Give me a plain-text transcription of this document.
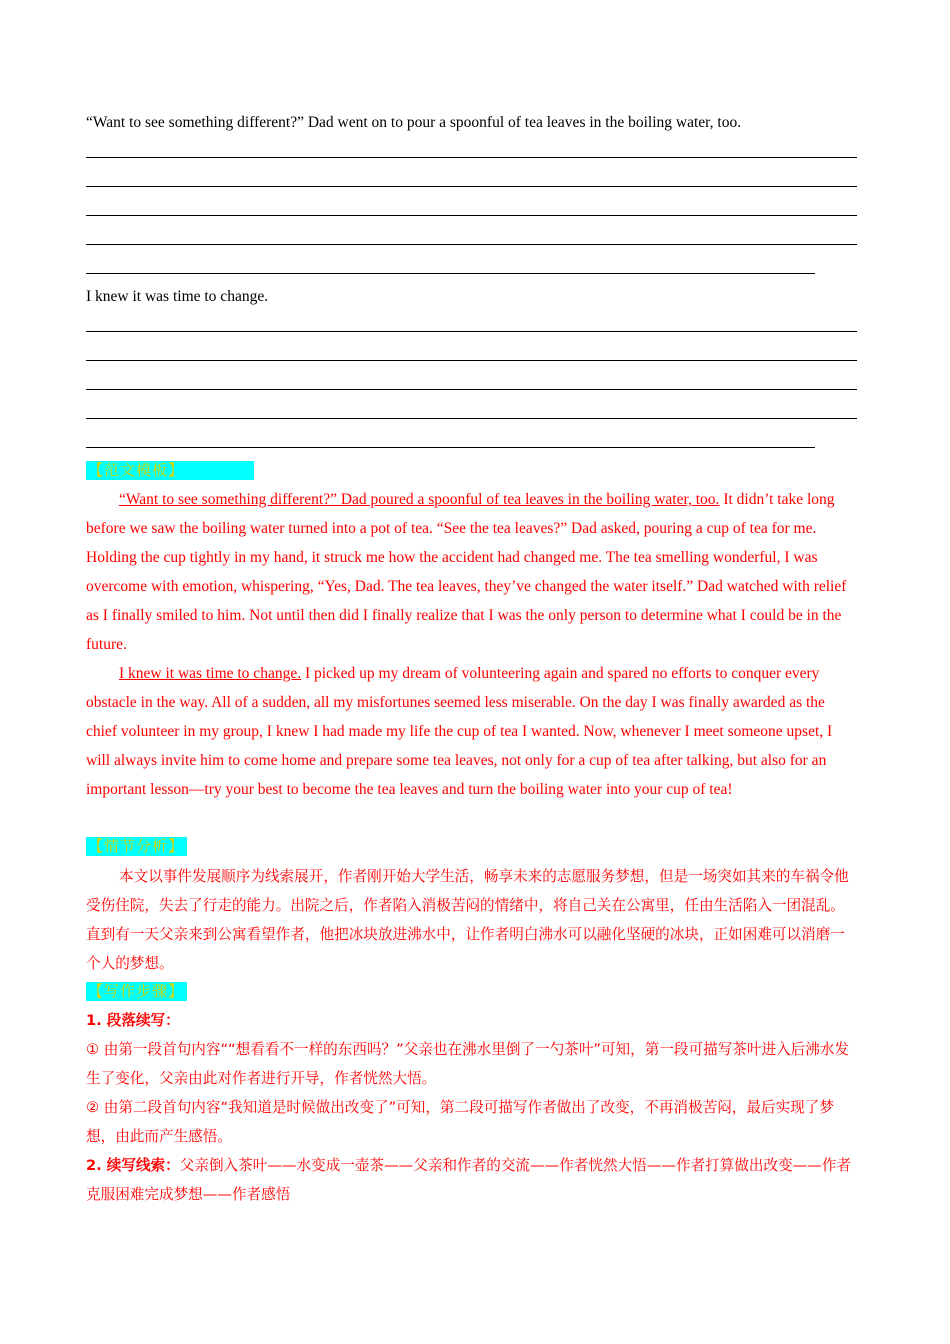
“Want to see something different?” Dad went on to pour a spoonful of tea leaves in the boiling water, too.
I knew it was time to change.
【范文模板】

“Want to see something different?” Dad poured a spoonful of tea leaves in the boiling water, too. It didn’t take long before we saw the boiling water turned into a pot of tea. “See the tea leaves?” Dad asked, pouring a cup of tea for me. Holding the cup tightly in my hand, it struck me how the accident had changed me. The tea smelling wonderful, I was overcome with emotion, whispering, “Yes, Dad. The tea leaves, they’ve changed the water itself.” Dad watched with relief as I finally smiled to him. Not until then did I finally realize that I was the only person to determine what I could be in the future.

I knew it was time to change. I picked up my dream of volunteering again and spared no efforts to conquer every obstacle in the way. All of a sudden, all my misfortunes seemed less miserable. On the day I was finally awarded as the chief volunteer in my group, I knew I had made my life the cup of tea I wanted. Now, whenever I meet someone upset, I will always invite him to come home and prepare some tea leaves, not only for a cup of tea after talking, but also for an important lesson—try your best to become the tea leaves and turn the boiling water into your cup of tea!

【情节分析】

本文以事件发展顺序为线索展开，作者刚开始大学生活，畅享未来的志愿服务梦想，但是一场突如其来的车祸令他受伤住院，失去了行走的能力。出院之后，作者陷入消极苦闷的情绪中，将自己关在公寓里，任由生活陷入一团混乱。直到有一天父亲来到公寓看望作者，他把冰块放进沸水中，让作者明白沸水可以融化坚硬的冰块，正如困难可以消磨一个人的梦想。

【写作步骤】

1. 段落续写：

① 由第一段首句内容““想看看不一样的东西吗？”父亲也在沸水里倒了一勺茶叶”可知，第一段可描写茶叶进入后沸水发生了变化，父亲由此对作者进行开导，作者恍然大悟。

② 由第二段首句内容“我知道是时候做出改变了”可知，第二段可描写作者做出了改变，不再消极苦闷，最后实现了梦想，由此而产生感悟。

2. 续写线索：父亲倒入茶叶——水变成一壶茶——父亲和作者的交流——作者恍然大悟——作者打算做出改变——作者克服困难完成梦想——作者感悟
